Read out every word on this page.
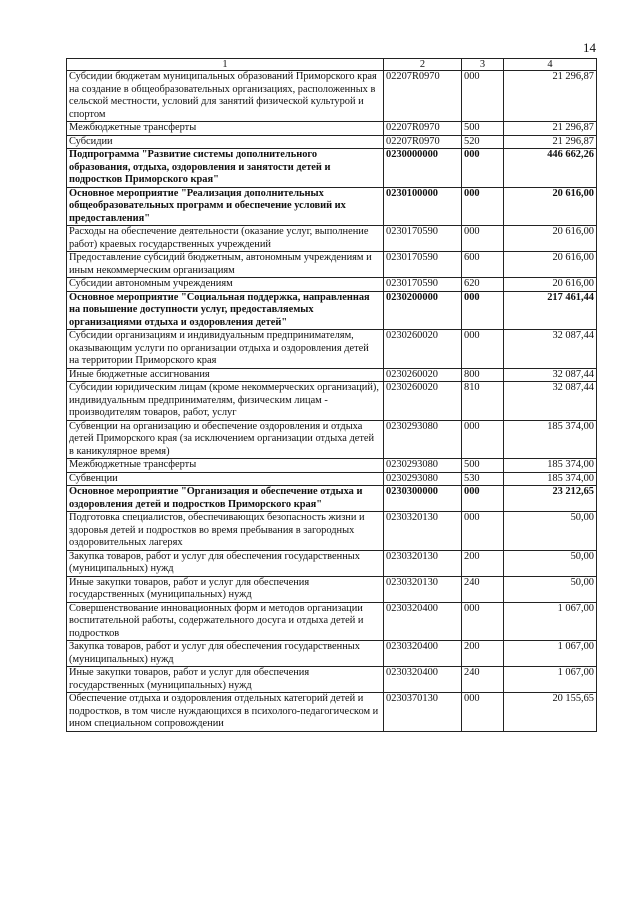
14
1	2	3	4
Субсидии бюджетам муниципальных образований Приморского края на создание в общеобразовательных организациях, расположенных в сельской местности, условий для занятий физической культурой и спортом	02207R0970	000	21 296,87
Межбюджетные трансферты	02207R0970	500	21 296,87
Субсидии	02207R0970	520	21 296,87
Подпрограмма "Развитие системы дополнительного образования, отдыха, оздоровления и занятости детей и подростков Приморского края"	0230000000	000	446 662,26
Основное мероприятие "Реализация дополнительных общеобразовательных программ и обеспечение условий их предоставления"	0230100000	000	20 616,00
Расходы на обеспечение деятельности (оказание услуг, выполнение работ) краевых государственных учреждений	0230170590	000	20 616,00
Предоставление субсидий бюджетным, автономным учреждениям и иным некоммерческим организациям	0230170590	600	20 616,00
Субсидии автономным учреждениям	0230170590	620	20 616,00
Основное мероприятие "Социальная поддержка, направленная на повышение доступности услуг, предоставляемых организациями отдыха и оздоровления детей"	0230200000	000	217 461,44
Субсидии организациям и индивидуальным предпринимателям, оказывающим услуги по организации отдыха и оздоровления детей на территории Приморского края	0230260020	000	32 087,44
Иные бюджетные ассигнования	0230260020	800	32 087,44
Субсидии юридическим лицам (кроме некоммерческих организаций), индивидуальным предпринимателям, физическим лицам - производителям товаров, работ, услуг	0230260020	810	32 087,44
Субвенции на организацию и обеспечение оздоровления и отдыха детей Приморского края (за исключением организации отдыха детей в каникулярное время)	0230293080	000	185 374,00
Межбюджетные трансферты	0230293080	500	185 374,00
Субвенции	0230293080	530	185 374,00
Основное мероприятие "Организация и обеспечение отдыха и оздоровления детей и подростков Приморского края"	0230300000	000	23 212,65
Подготовка специалистов, обеспечивающих безопасность жизни и здоровья детей и подростков во время пребывания в загородных оздоровительных лагерях	0230320130	000	50,00
Закупка товаров, работ и услуг для обеспечения государственных (муниципальных) нужд	0230320130	200	50,00
Иные закупки товаров, работ и услуг для обеспечения государственных (муниципальных) нужд	0230320130	240	50,00
Совершенствование инновационных форм и методов организации воспитательной работы, содержательного досуга и отдыха детей и подростков	0230320400	000	1 067,00
Закупка товаров, работ и услуг для обеспечения государственных (муниципальных) нужд	0230320400	200	1 067,00
Иные закупки товаров, работ и услуг для обеспечения государственных (муниципальных) нужд	0230320400	240	1 067,00
Обеспечение отдыха и оздоровления отдельных категорий детей и подростков, в том числе нуждающихся в психолого-педагогическом и ином специальном сопровождении	0230370130	000	20 155,65
